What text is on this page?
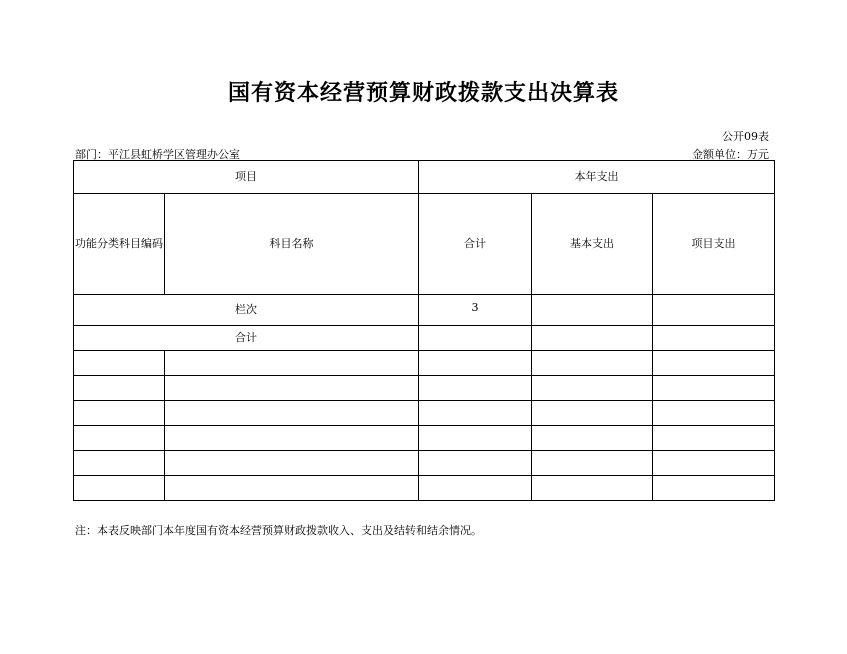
国有资本经营预算财政拨款支出决算表
公开09表
部门：平江县虹桥学区管理办公室	金额单位：万元
项目		本年支出		
功能分类科目编码	科目名称	合计	基本支出	项目支出
栏次		3		
合计				

注：本表反映部门本年度国有资本经营预算财政拨款收入、支出及结转和结余情况。
